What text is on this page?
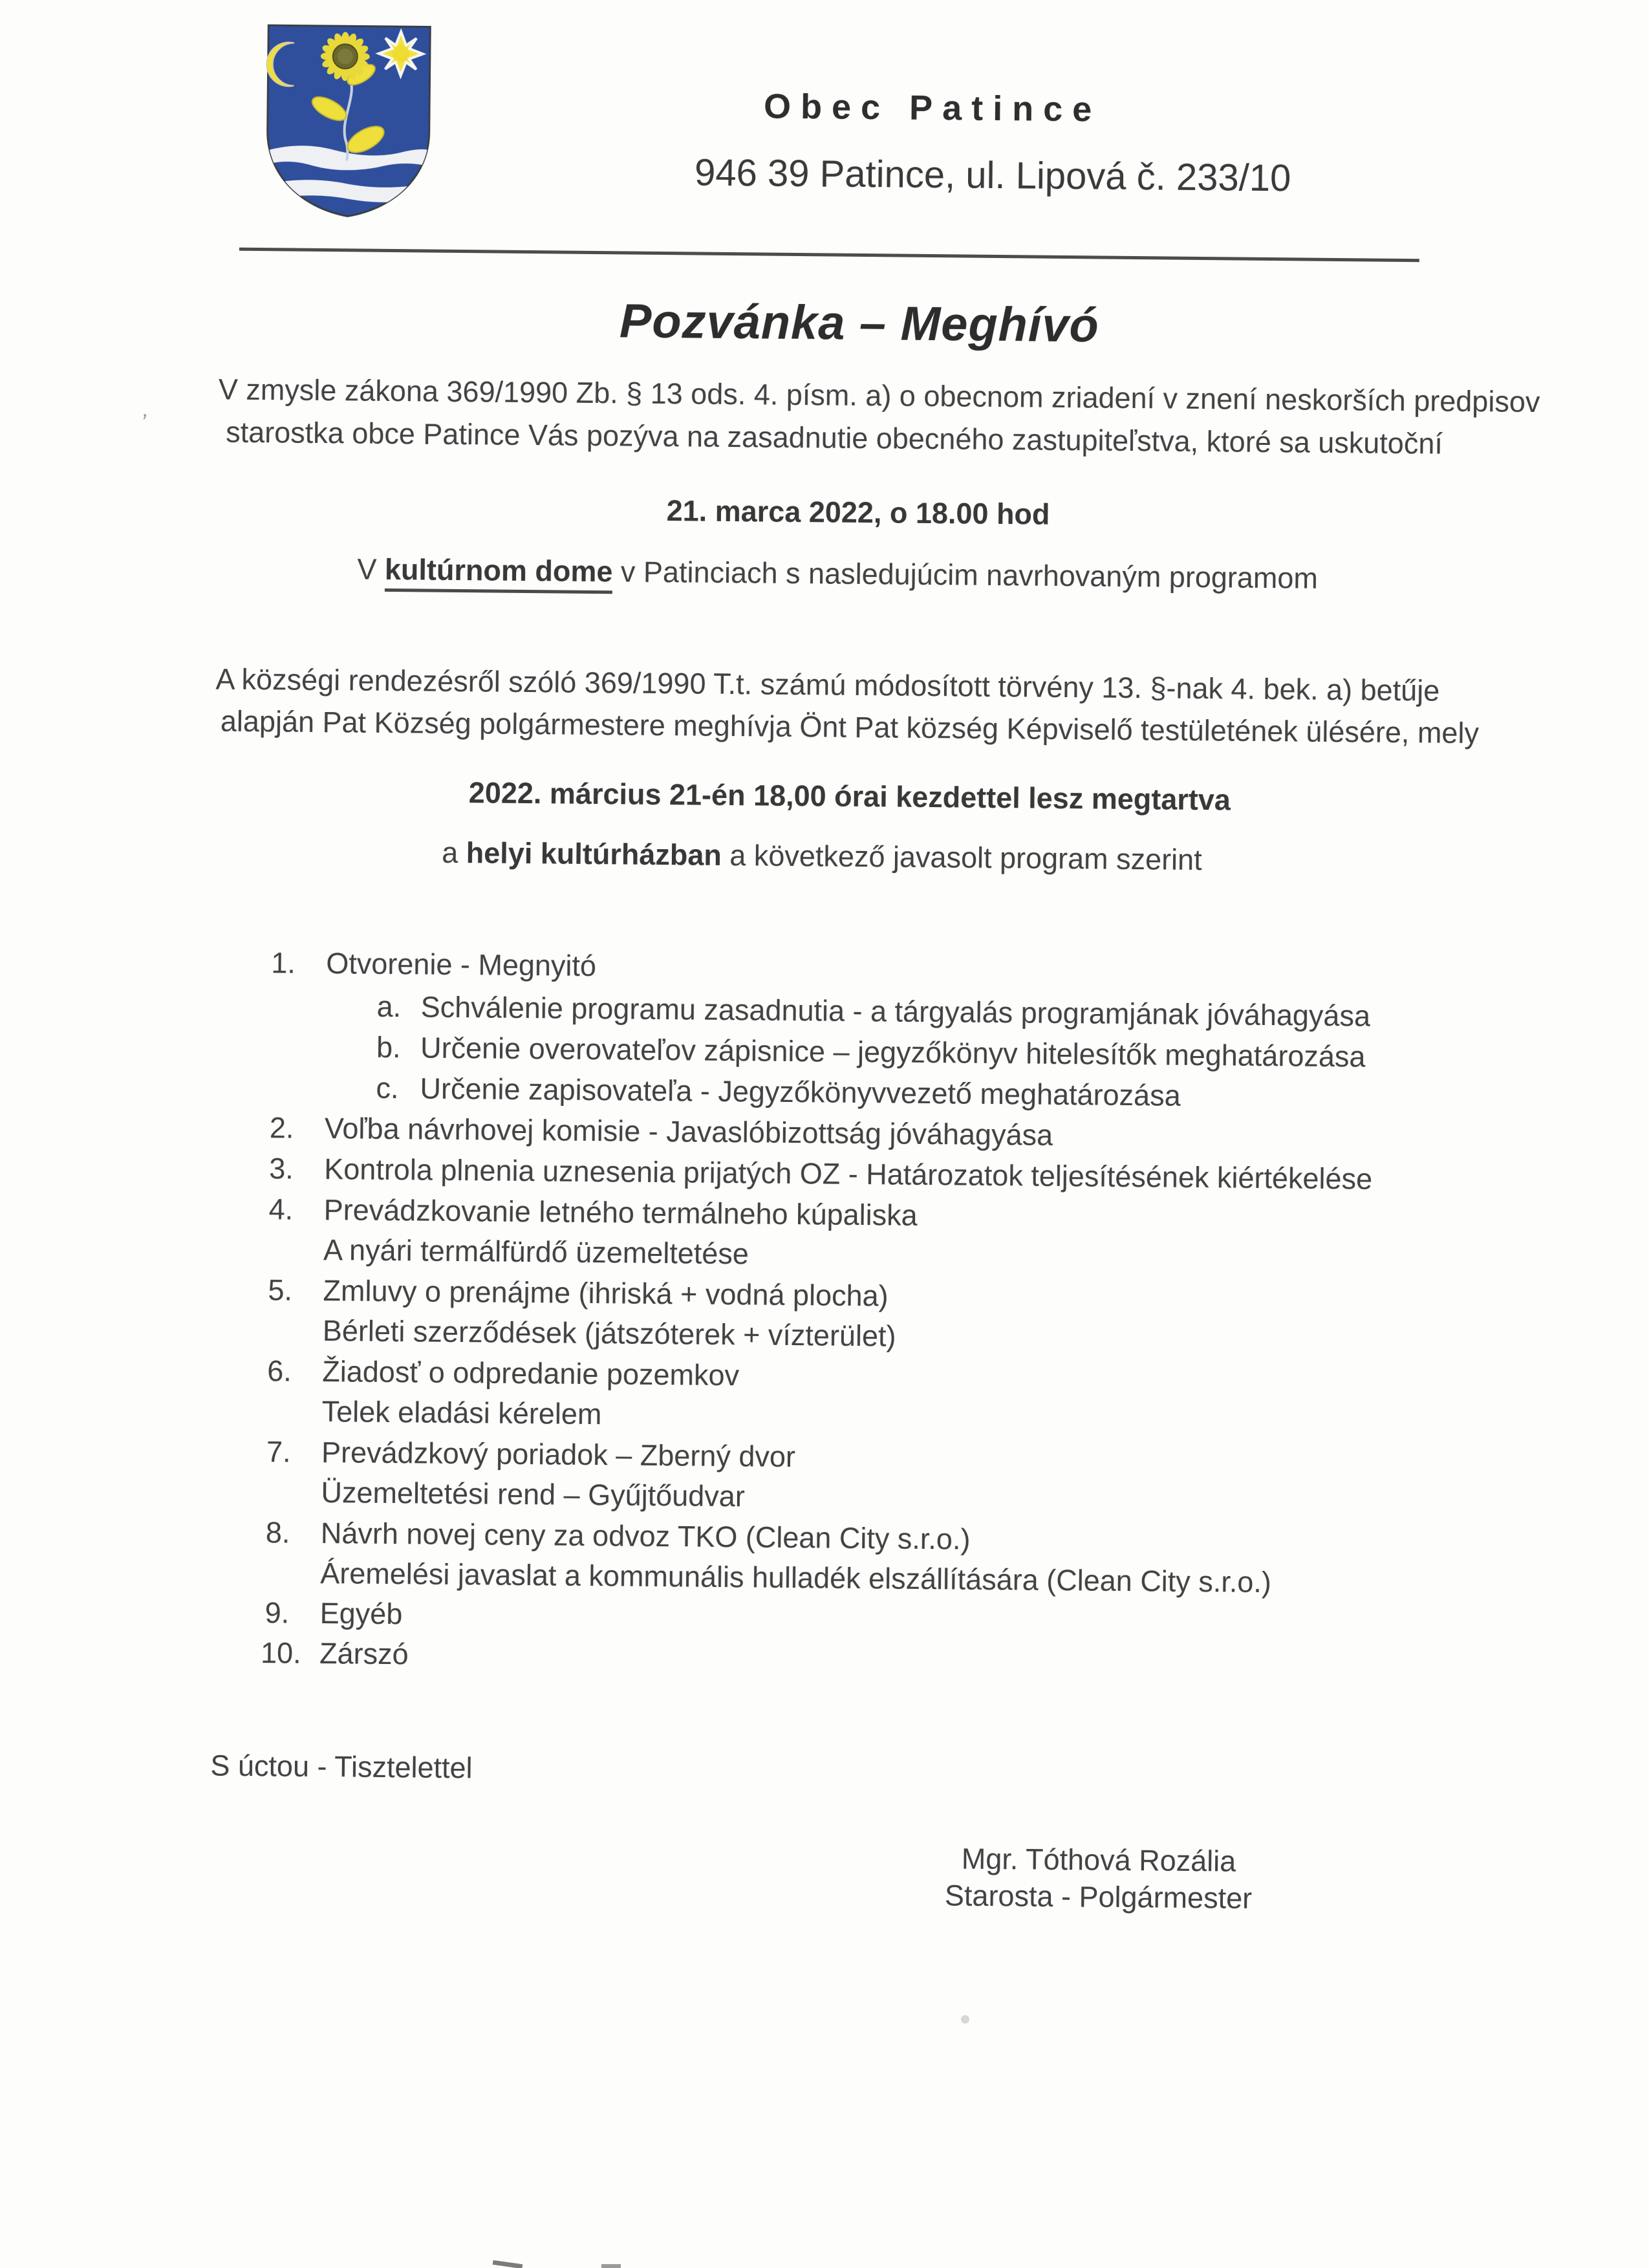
Obec Patince
946 39 Patince, ul. Lipová č. 233/10
Pozvánka – Meghívó
V zmysle zákona 369/1990 Zb. § 13 ods. 4. písm. a) o obecnom zriadení v znení neskorších predpisov
starostka obce Patince Vás pozýva na zasadnutie obecného zastupiteľstva, ktoré sa uskutoční
21. marca 2022, o 18.00 hod
V kultúrnom dome v Patinciach s nasledujúcim navrhovaným programom
A községi rendezésről szóló 369/1990 T.t. számú módosított törvény 13. §-nak 4. bek. a) betűje
alapján Pat Község polgármestere meghívja Önt Pat község Képviselő testületének ülésére, mely
2022. március 21-én 18,00 órai kezdettel lesz megtartva
a helyi kultúrházban a következő javasolt program szerint
1. Otvorenie - Megnyitó
a. Schválenie programu zasadnutia - a tárgyalás programjának jóváhagyása
b. Určenie overovateľov zápisnice – jegyzőkönyv hitelesítők meghatározása
c. Určenie zapisovateľa - Jegyzőkönyvvezető meghatározása
2. Voľba návrhovej komisie - Javaslóbizottság jóváhagyása
3. Kontrola plnenia uznesenia prijatých OZ - Határozatok teljesítésének kiértékelése
4. Prevádzkovanie letného termálneho kúpaliska
A nyári termálfürdő üzemeltetése
5. Zmluvy o prenájme (ihriská + vodná plocha)
Bérleti szerződések (játszóterek + vízterület)
6. Žiadosť o odpredanie pozemkov
Telek eladási kérelem
7. Prevádzkový poriadok – Zberný dvor
Üzemeltetési rend – Gyűjtőudvar
8. Návrh novej ceny za odvoz TKO (Clean City s.r.o.)
Áremelési javaslat a kommunális hulladék elszállítására (Clean City s.r.o.)
9. Egyéb
10. Zárszó
S úctou - Tisztelettel
Mgr. Tóthová Rozália
Starosta - Polgármester
’
